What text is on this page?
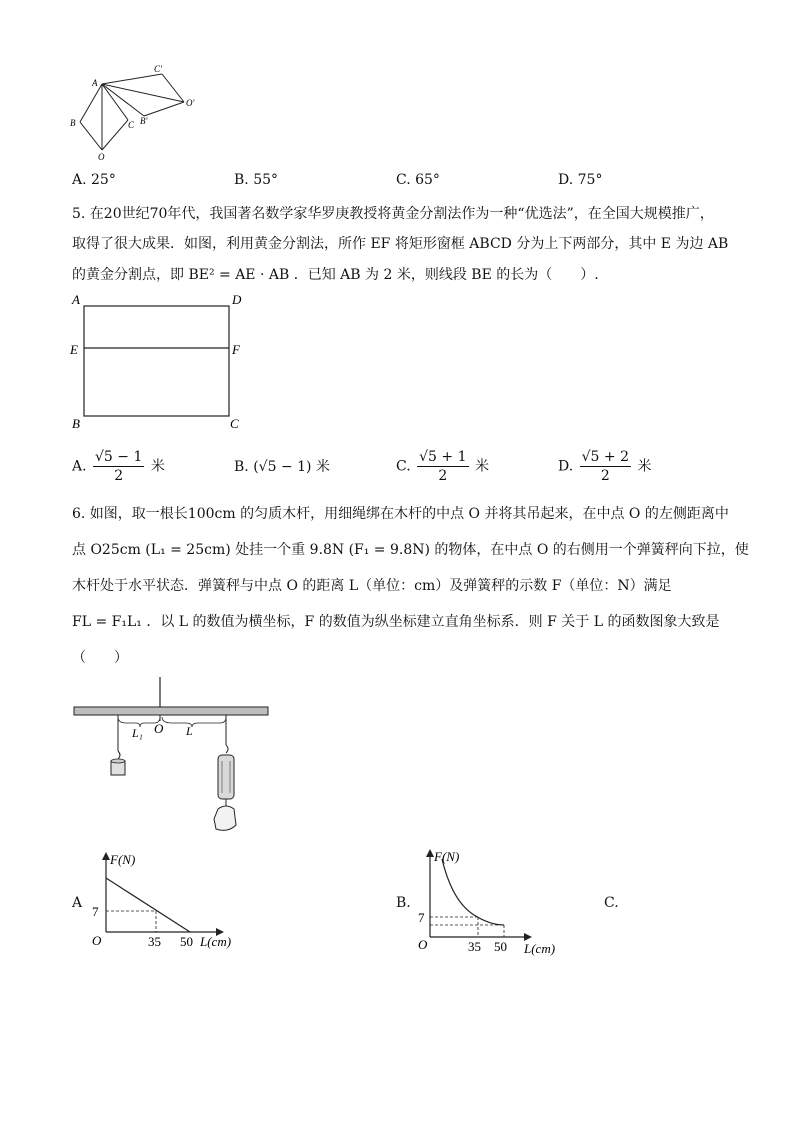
A
B
O
C
C'
B'
O'
A. 25°	B. 55°	C. 65°	D. 75°
5. 在20世纪70年代，我国著名数学家华罗庚教授将黄金分割法作为一种“优选法”，在全国大规模推广，
取得了很大成果．如图，利用黄金分割法，所作 EF 将矩形窗框 ABCD 分为上下两部分，其中 E 为边 AB
的黄金分割点，即 BE² = AE · AB ．已知 AB 为 2 米，则线段 BE 的长为（　　）.
A	D
E	F
B	C
A. $\frac{√5 - 1}{2}$ 米	B. (√5 − 1) 米	C. $\frac{√5 + 1}{2}$ 米	D. $\frac{√5 + 2}{2}$ 米
6. 如图，取一根长100cm 的匀质木杆，用细绳绑在木杆的中点 O 并将其吊起来，在中点 O 的左侧距离中
点 O25cm (L₁ = 25cm) 处挂一个重 9.8N (F₁ = 9.8N) 的物体，在中点 O 的右侧用一个弹簧秤向下拉，使
木杆处于水平状态．弹簧秤与中点 O 的距离 L（单位：cm）及弹簧秤的示数 F（单位：N）满足
FL = F₁L₁ ．以 L 的数值为横坐标，F 的数值为纵坐标建立直角坐标系．则 F 关于 L 的函数图象大致是
（　　）
L₁ O L
A
F(N)
7
O	35 50 L(cm)
B.
F(N)
7
O	35 50 L(cm)
C.
